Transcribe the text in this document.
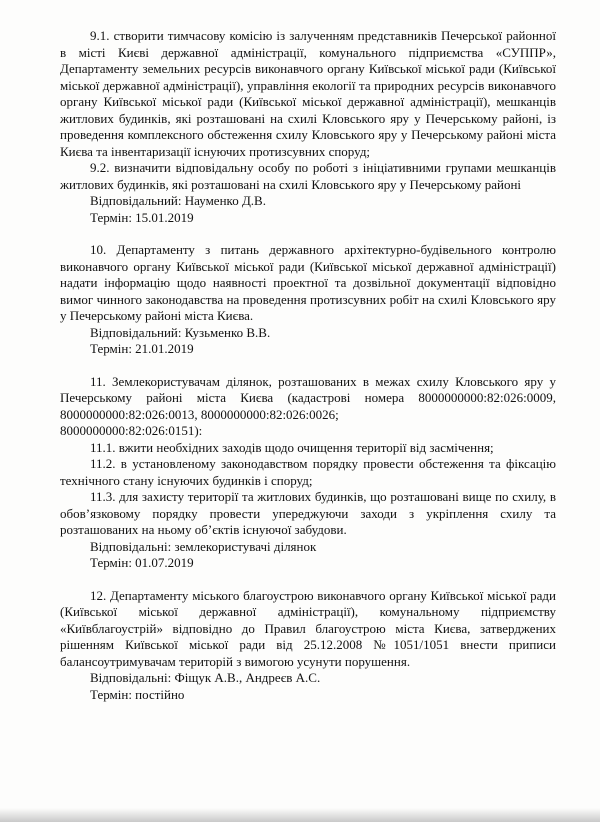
9.1. створити тимчасову комісію із залученням представників Печерської районної в місті Києві державної адміністрації, комунального підприємства «СУППР», Департаменту земельних ресурсів виконавчого органу Київської міської ради (Київської міської державної адміністрації), управління екології та природних ресурсів виконавчого органу Київської міської ради (Київської міської державної адміністрації), мешканців житлових будинків, які розташовані на схилі Кловського яру у Печерському районі, із проведення комплексного обстеження схилу Кловського яру у Печерському районі міста Києва та інвентаризації існуючих протизсувних споруд;

9.2. визначити відповідальну особу по роботі з ініціативними групами мешканців житлових будинків, які розташовані на схилі Кловського яру у Печерському районі

Відповідальний: Науменко Д.В.

Термін: 15.01.2019

10. Департаменту з питань державного архітектурно-будівельного контролю виконавчого органу Київської міської ради (Київської міської державної адміністрації) надати інформацію щодо наявності проектної та дозвільної документації відповідно вимог чинного законодавства на проведення протизсувних робіт на схилі Кловського яру у Печерському районі міста Києва.

Відповідальний: Кузьменко В.В.

Термін: 21.01.2019

11. Землекористувачам ділянок, розташованих в межах схилу Кловського яру у Печерському районі міста Києва (кадастрові номера 8000000000:82:026:0009, 8000000000:82:026:0013, 8000000000:82:026:0026;

8000000000:82:026:0151):

11.1. вжити необхідних заходів щодо очищення території від засмічення;

11.2. в установленому законодавством порядку провести обстеження та фіксацію технічного стану існуючих будинків і споруд;

11.3. для захисту території та житлових будинків, що розташовані вище по схилу, в обов’язковому порядку провести упереджуючи заходи з укріплення схилу та розташованих на ньому об’єктів існуючої забудови.

Відповідальні: землекористувачі ділянок

Термін: 01.07.2019

12. Департаменту міського благоустрою виконавчого органу Київської міської ради (Київської міської державної адміністрації), комунальному підприємству «Київблагоустрій» відповідно до Правил благоустрою міста Києва, затверджених рішенням Київської міської ради від 25.12.2008 №1051/1051 внести приписи балансоутримувачам територій з вимогою усунути порушення.

Відповідальні: Фіщук А.В., Андреєв А.С.

Термін: постійно
